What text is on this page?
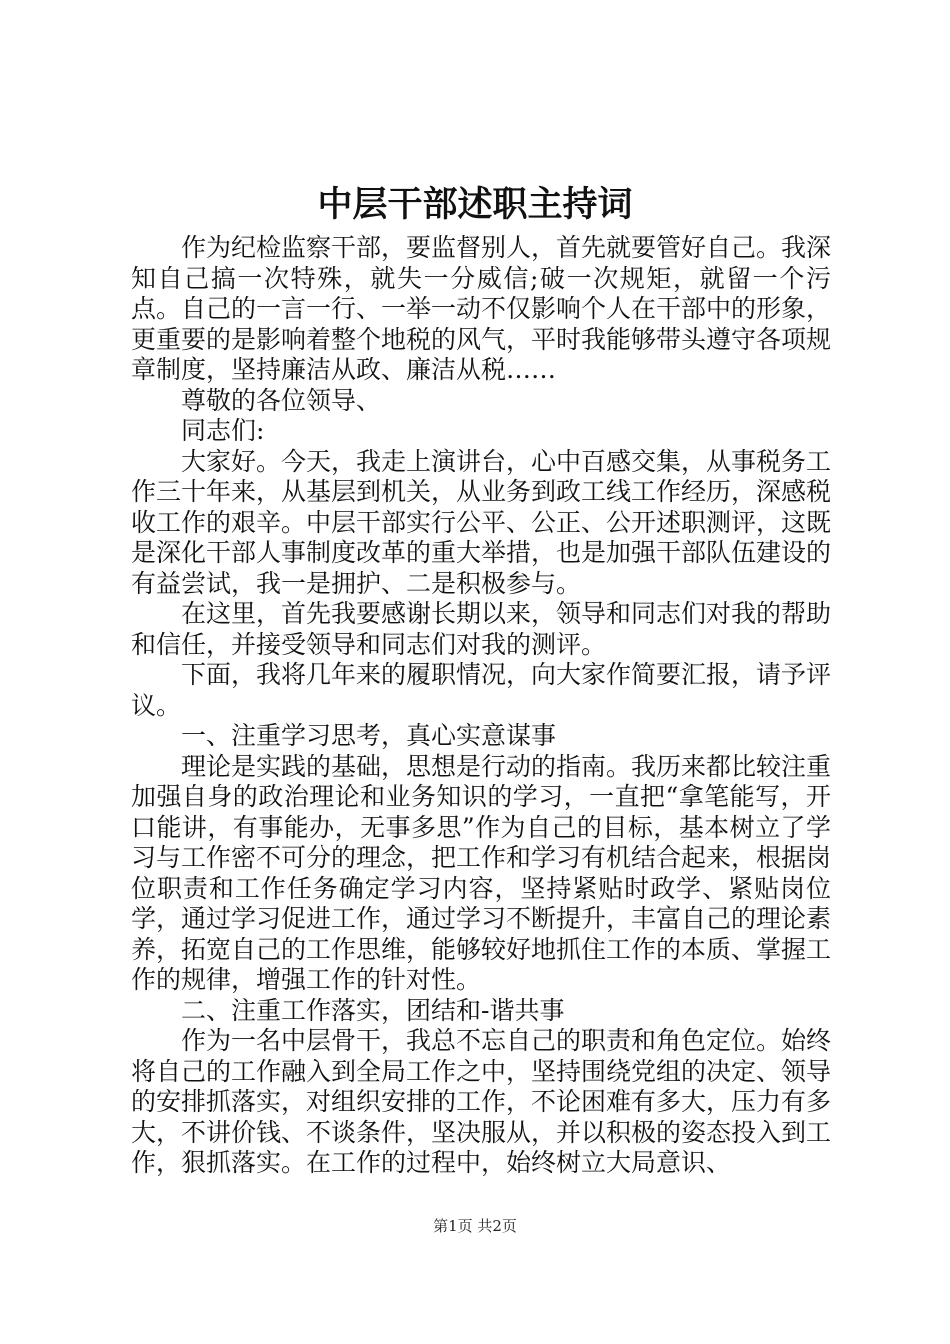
中层干部述职主持词

作为纪检监察干部，要监督别人，首先就要管好自己。我深知自己搞一次特殊，就失一分威信;破一次规矩，就留一个污点。自己的一言一行、一举一动不仅影响个人在干部中的形象，更重要的是影响着整个地税的风气，平时我能够带头遵守各项规章制度，坚持廉洁从政、廉洁从税……

尊敬的各位领导、

同志们:

大家好。今天，我走上演讲台，心中百感交集，从事税务工作三十年来，从基层到机关，从业务到政工线工作经历，深感税收工作的艰辛。中层干部实行公平、公正、公开述职测评，这既是深化干部人事制度改革的重大举措，也是加强干部队伍建设的有益尝试，我一是拥护、二是积极参与。

在这里，首先我要感谢长期以来，领导和同志们对我的帮助和信任，并接受领导和同志们对我的测评。

下面，我将几年来的履职情况，向大家作简要汇报，请予评议。

一、注重学习思考，真心实意谋事

理论是实践的基础，思想是行动的指南。我历来都比较注重加强自身的政治理论和业务知识的学习，一直把“拿笔能写，开口能讲，有事能办，无事多思”作为自己的目标，基本树立了学习与工作密不可分的理念，把工作和学习有机结合起来，根据岗位职责和工作任务确定学习内容，坚持紧贴时政学、紧贴岗位学，通过学习促进工作，通过学习不断提升，丰富自己的理论素养，拓宽自己的工作思维，能够较好地抓住工作的本质、掌握工作的规律，增强工作的针对性。

二、注重工作落实，团结和-谐共事

作为一名中层骨干，我总不忘自己的职责和角色定位。始终将自己的工作融入到全局工作之中，坚持围绕党组的决定、领导的安排抓落实，对组织安排的工作，不论困难有多大，压力有多大，不讲价钱、不谈条件，坚决服从，并以积极的姿态投入到工作，狠抓落实。在工作的过程中，始终树立大局意识、

第1页 共2页
